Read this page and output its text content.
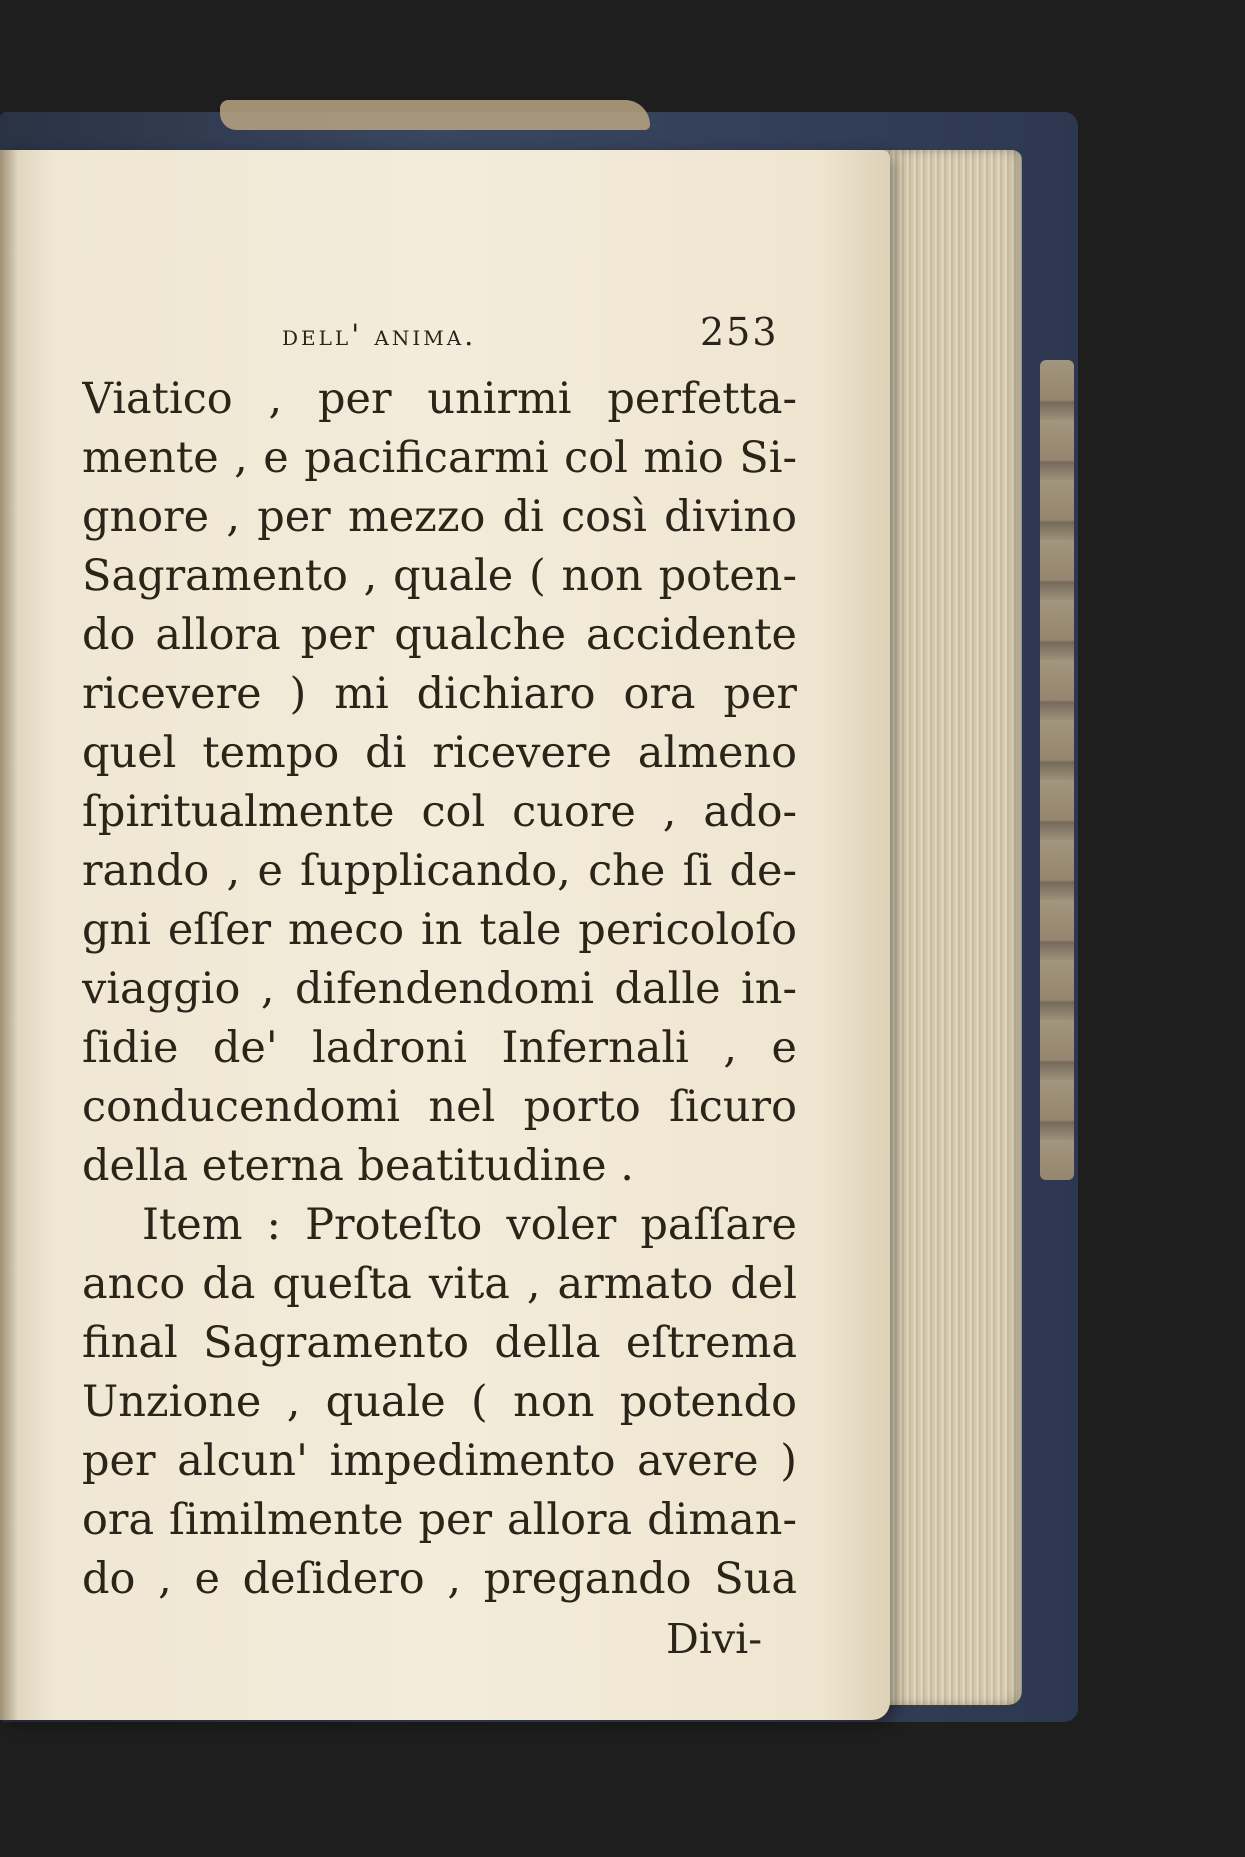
dell' anima.	253
Viatico , per unirmi perfetta-
mente , e pacificarmi col mio Si-
gnore , per mezzo di così divino
Sagramento , quale ( non poten-
do allora per qualche accidente
ricevere ) mi dichiaro ora per
quel tempo di ricevere almeno
ſpiritualmente col cuore , ado-
rando , e ſupplicando, che ſi de-
gni eſſer meco in tale pericoloſo
viaggio , difendendomi dalle in-
ſidie de' ladroni Infernali , e
conducendomi nel porto ſicuro
della eterna beatitudine .
Item : Proteſto voler paſſare
anco da queſta vita , armato del
final Sagramento della eſtrema
Unzione , quale ( non potendo
per alcun' impedimento avere )
ora ſimilmente per allora diman-
do , e deſidero , pregando Sua
Divi-
